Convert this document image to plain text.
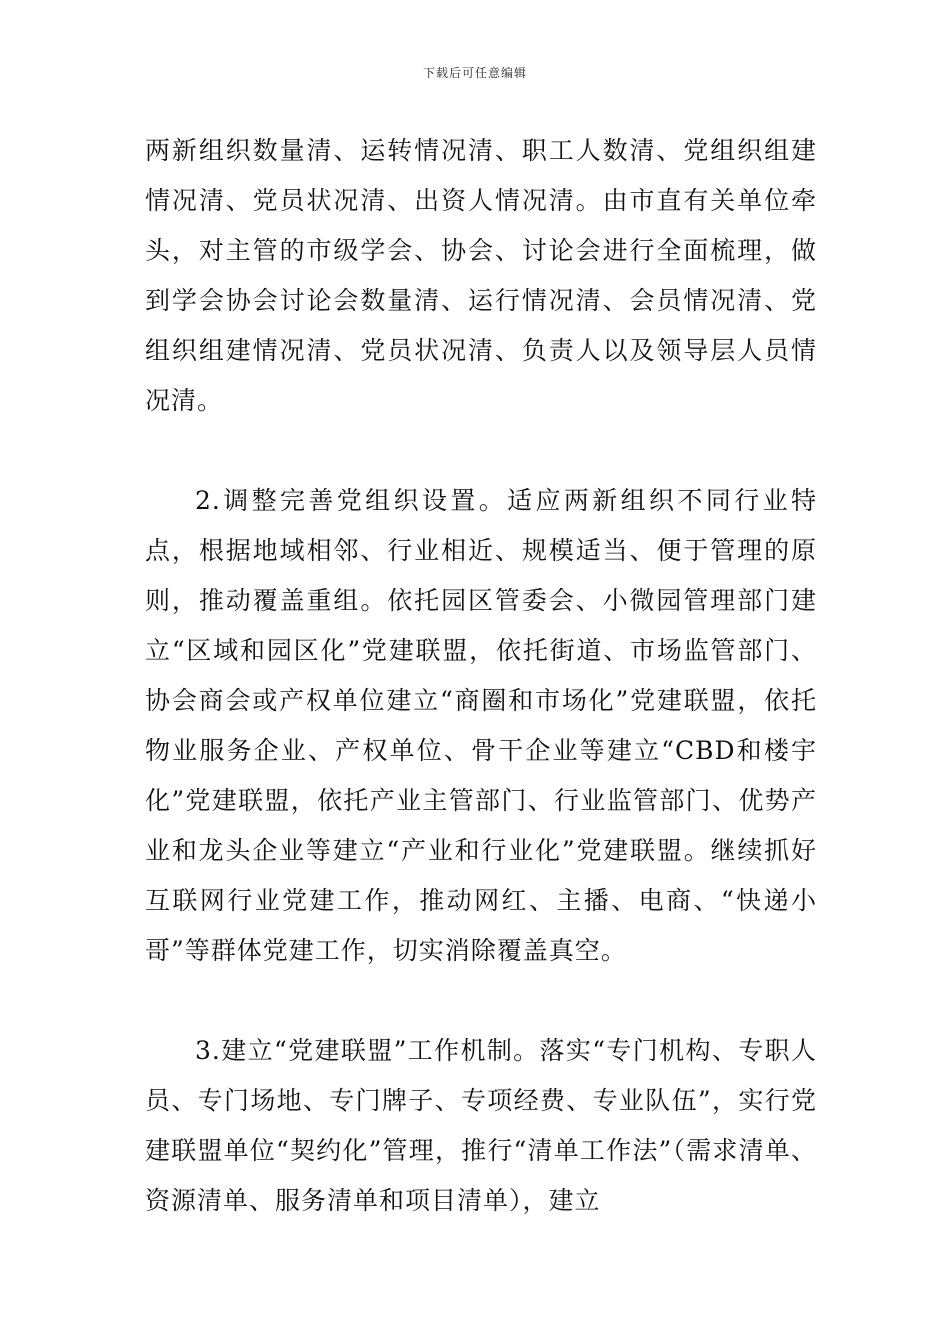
下载后可任意编辑

两新组织数量清、运转情况清、职工人数清、党组织组建情况清、党员状况清、出资人情况清。由市直有关单位牵头，对主管的市级学会、协会、讨论会进行全面梳理，做到学会协会讨论会数量清、运行情况清、会员情况清、党组织组建情况清、党员状况清、负责人以及领导层人员情况清。

2.调整完善党组织设置。适应两新组织不同行业特点，根据地域相邻、行业相近、规模适当、便于管理的原则，推动覆盖重组。依托园区管委会、小微园管理部门建立“区域和园区化”党建联盟，依托街道、市场监管部门、协会商会或产权单位建立“商圈和市场化”党建联盟，依托物业服务企业、产权单位、骨干企业等建立“CBD和楼宇化”党建联盟，依托产业主管部门、行业监管部门、优势产业和龙头企业等建立“产业和行业化”党建联盟。继续抓好互联网行业党建工作，推动网红、主播、电商、“快递小哥”等群体党建工作，切实消除覆盖真空。

3.建立“党建联盟”工作机制。落实“专门机构、专职人员、专门场地、专门牌子、专项经费、专业队伍”，实行党建联盟单位“契约化”管理，推行“清单工作法”（需求清单、资源清单、服务清单和项目清单），建立
